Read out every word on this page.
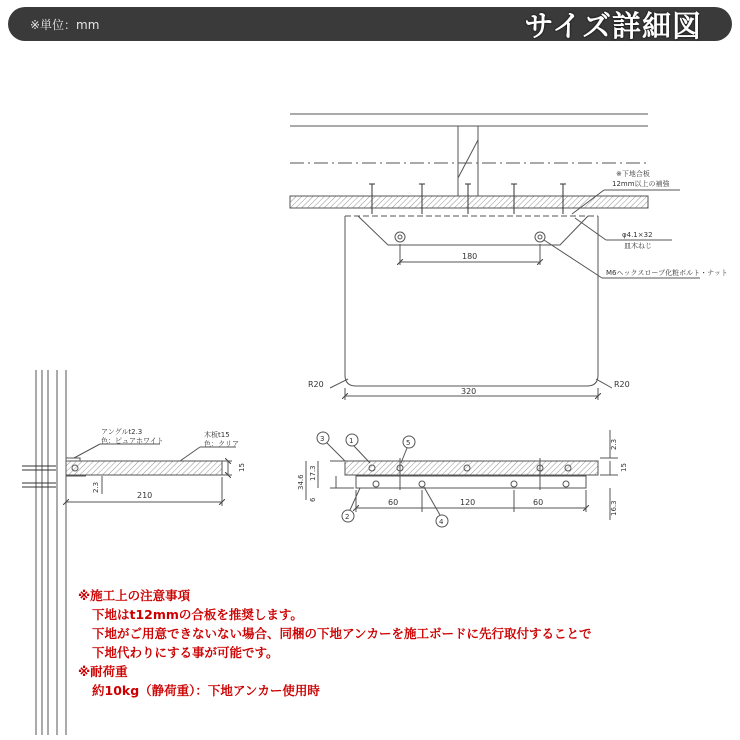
※単位：mm	サイズ詳細図
※下地合板
12mm以上の補強
φ4.1×32
皿木ねじ
M6ヘックスロープ化粧ボルト・ナット
180
320
R20	R20
アングルt2.3
色：ピュアホワイト
木板t15
色：クリア
210
2.3
15
1
2
3
4
5
60	120	60
34.6
17.3
6
2.3
15
16.3
※施工上の注意事項
下地はt12mmの合板を推奨します。
下地がご用意できないない場合、同梱の下地アンカーを施工ボードに先行取付することで
下地代わりにする事が可能です。
※耐荷重
約10kg（静荷重）：下地アンカー使用時
